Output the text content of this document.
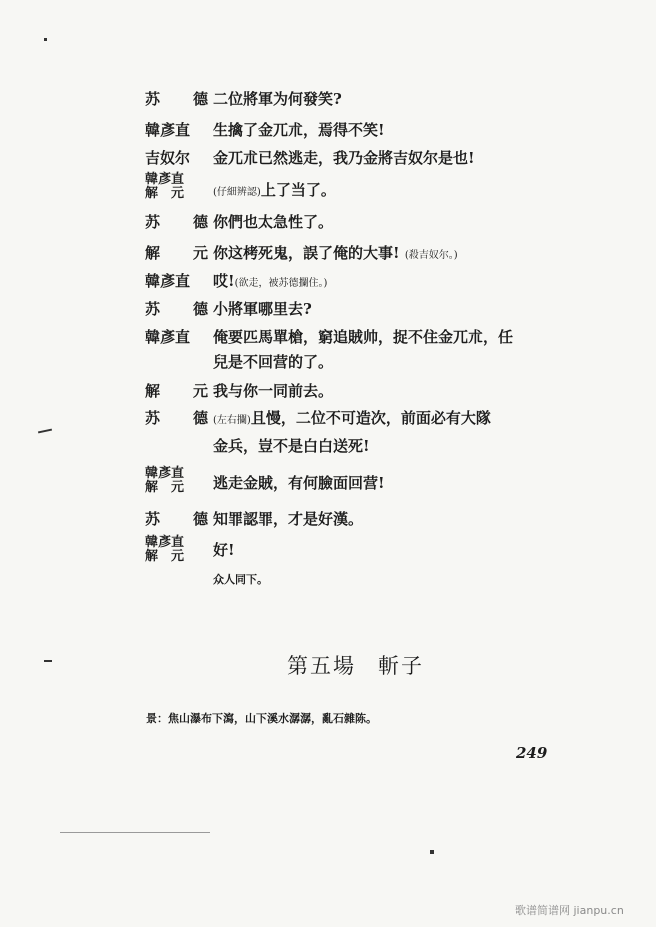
苏 德 二位將軍为何發笑?
韓彥直 生擒了金兀朮，焉得不笑!
吉奴尔 金兀朮已然逃走，我乃金將吉奴尔是也!
韓彥直
解　元	(仔細辨認)上了当了。
苏 德 你們也太急性了。
解 元 你这栲死鬼，誤了俺的大事! (殺吉奴尔。)
韓彥直 哎!(欲走，被苏德攔住。)
苏 德 小將軍哪里去?
韓彥直 俺要匹馬單槍，窮追賊帅，捉不住金兀朮，任
兒是不回营的了。
解 元 我与你一同前去。
苏 德 (左右攔)且慢，二位不可造次，前面必有大隊
金兵，豈不是白白送死!
韓彥直
解　元	逃走金賊，有何臉面回营!
苏 德 知罪認罪，才是好漢。
韓彥直
解　元	好!
众人同下。
第五場 斬子
景：焦山瀑布下瀉，山下溪水潺潺，亂石雜陈。
249
歌谱简谱网 jianpu.cn
